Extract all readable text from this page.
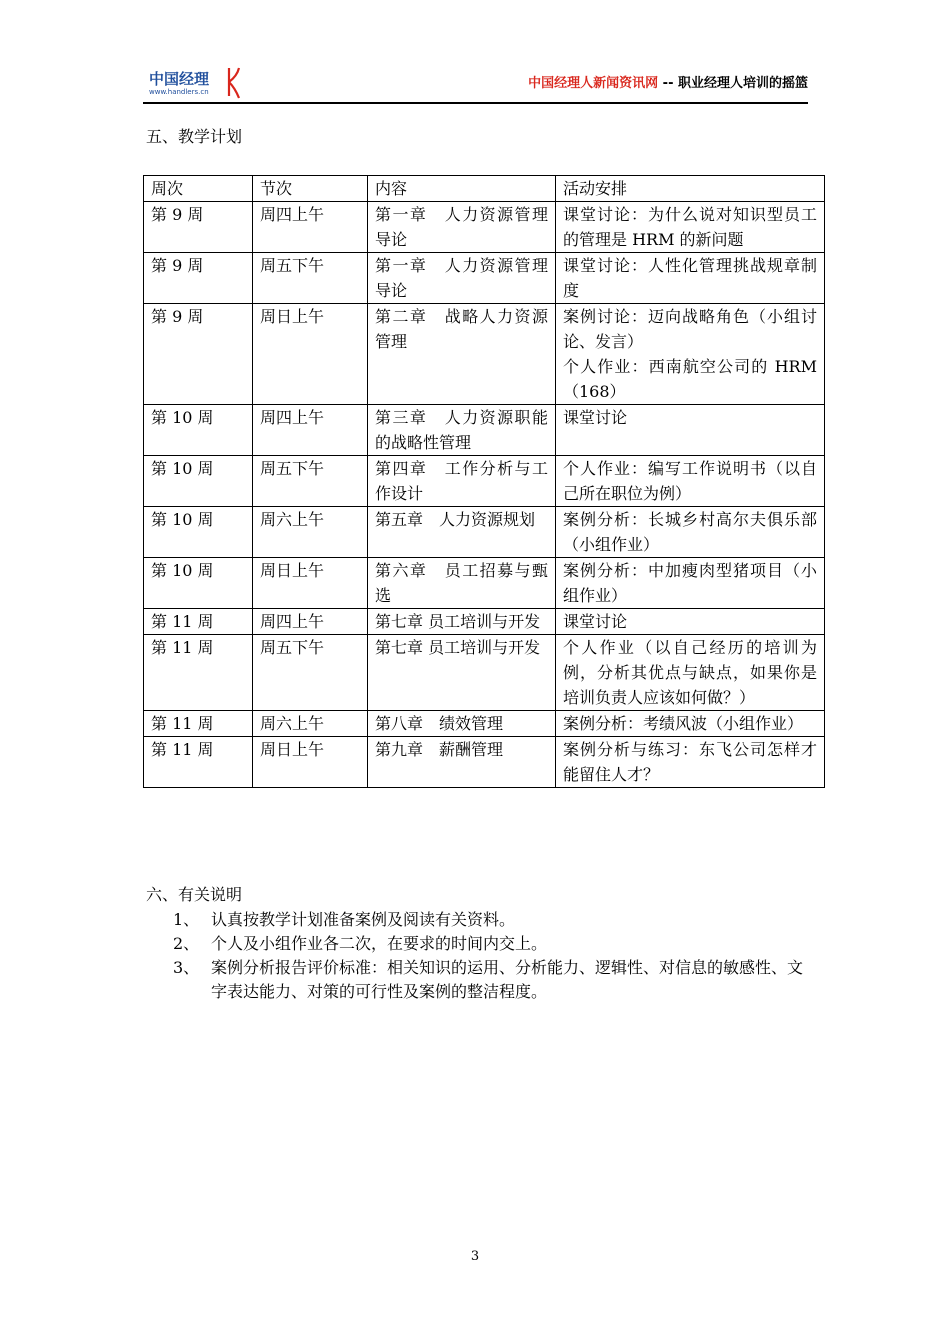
中国经理
www.handlers.cn
中国经理人新闻资讯网 -- 职业经理人培训的摇篮
五、教学计划
周次	节次	内容	活动安排
第 9 周	周四上午	第一章　人力资源管理导论	课堂讨论：为什么说对知识型员工的管理是 HRM 的新问题
第 9 周	周五下午	第一章　人力资源管理导论	课堂讨论：人性化管理挑战规章制度
第 9 周	周日上午	第二章　战略人力资源管理	案例讨论：迈向战略角色（小组讨论、发言）
个人作业：西南航空公司的 HRM（168）

第 10 周	周四上午	第三章　人力资源职能的战略性管理	课堂讨论
第 10 周	周五下午	第四章　工作分析与工作设计	个人作业：编写工作说明书（以自己所在职位为例）
第 10 周	周六上午	第五章　人力资源规划	案例分析：长城乡村高尔夫俱乐部（小组作业）
第 10 周	周日上午	第六章　员工招募与甄选	案例分析：中加瘦肉型猪项目（小组作业）
第 11 周	周四上午	第七章 员工培训与开发	课堂讨论
第 11 周	周五下午	第七章 员工培训与开发	个人作业（以自己经历的培训为例，分析其优点与缺点，如果你是培训负责人应该如何做？）
第 11 周	周六上午	第八章　绩效管理	案例分析：考绩风波（小组作业）
第 11 周	周日上午	第九章　薪酬管理	案例分析与练习：东飞公司怎样才能留住人才？
六、有关说明
1、 认真按教学计划准备案例及阅读有关资料。
2、 个人及小组作业各二次，在要求的时间内交上。
3、 案例分析报告评价标准：相关知识的运用、分析能力、逻辑性、对信息的敏感性、文字表达能力、对策的可行性及案例的整洁程度。
3
